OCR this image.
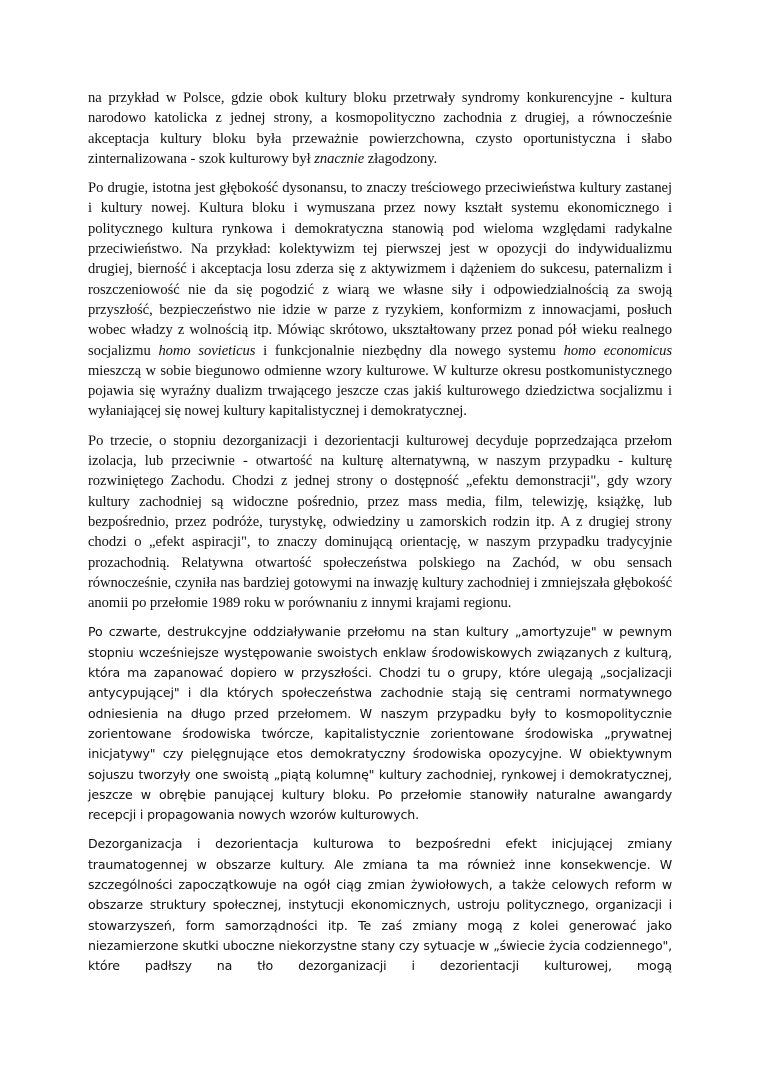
na przykład w Polsce, gdzie obok kultury bloku przetrwały syndromy konkurencyjne - kultura narodowo katolicka z jednej strony, a kosmopolityczno zachodnia z drugiej, a równocześnie akceptacja kultury bloku była przeważnie powierzchowna, czysto oportunistyczna i słabo zinternalizowana - szok kulturowy był znacznie złagodzony.

Po drugie, istotna jest głębokość dysonansu, to znaczy treściowego przeciwieństwa kultury zastanej i kultury nowej. Kultura bloku i wymuszana przez nowy kształt systemu ekonomicznego i politycznego kultura rynkowa i demokratyczna stanowią pod wieloma względami radykalne przeciwieństwo. Na przykład: kolektywizm tej pierwszej jest w opozycji do indywidualizmu drugiej, bierność i akceptacja losu zderza się z aktywizmem i dążeniem do sukcesu, paternalizm i roszczeniowość nie da się pogodzić z wiarą we własne siły i odpowiedzialnością za swoją przyszłość, bezpieczeństwo nie idzie w parze z ryzykiem, konformizm z innowacjami, posłuch wobec władzy z wolnością itp. Mówiąc skrótowo, ukształtowany przez ponad pół wieku realnego socjalizmu homo sovieticus i funkcjonalnie niezbędny dla nowego systemu homo economicus mieszczą w sobie biegunowo odmienne wzory kulturowe. W kulturze okresu postkomunistycznego pojawia się wyraźny dualizm trwającego jeszcze czas jakiś kulturowego dziedzictwa socjalizmu i wyłaniającej się nowej kultury kapitalistycznej i demokratycznej.

Po trzecie, o stopniu dezorganizacji i dezorientacji kulturowej decyduje poprzedzająca przełom izolacja, lub przeciwnie - otwartość na kulturę alternatywną, w naszym przypadku - kulturę rozwiniętego Zachodu. Chodzi z jednej strony o dostępność „efektu demonstracji", gdy wzory kultury zachodniej są widoczne pośrednio, przez mass media, film, telewizję, książkę, lub bezpośrednio, przez podróże, turystykę, odwiedziny u zamorskich rodzin itp. A z drugiej strony chodzi o „efekt aspiracji", to znaczy dominującą orientację, w naszym przypadku tradycyjnie prozachodnią. Relatywna otwartość społeczeństwa polskiego na Zachód, w obu sensach równocześnie, czyniła nas bardziej gotowymi na inwazję kultury zachodniej i zmniejszała głębokość anomii po przełomie 1989 roku w porównaniu z innymi krajami regionu.

Po czwarte, destrukcyjne oddziaływanie przełomu na stan kultury „amortyzuje" w pewnym stopniu wcześniejsze występowanie swoistych enklaw środowiskowych związanych z kulturą, która ma zapanować dopiero w przyszłości. Chodzi tu o grupy, które ulegają „socjalizacji antycypującej" i dla których społeczeństwa zachodnie stają się centrami normatywnego odniesienia na długo przed przełomem. W naszym przypadku były to kosmopolitycznie zorientowane środowiska twórcze, kapitalistycznie zorientowane środowiska „prywatnej inicjatywy" czy pielęgnujące etos demokratyczny środowiska opozycyjne. W obiektywnym sojuszu tworzyły one swoistą „piątą kolumnę" kultury zachodniej, rynkowej i demokratycznej, jeszcze w obrębie panującej kultury bloku. Po przełomie stanowiły naturalne awangardy recepcji i propagowania nowych wzorów kulturowych.

Dezorganizacja i dezorientacja kulturowa to bezpośredni efekt inicjującej zmiany traumatogennej w obszarze kultury. Ale zmiana ta ma również inne konsekwencje. W szczególności zapoczątkowuje na ogół ciąg zmian żywiołowych, a także celowych reform w obszarze struktury społecznej, instytucji ekonomicznych, ustroju politycznego, organizacji i stowarzyszeń, form samorządności itp. Te zaś zmiany mogą z kolei generować jako niezamierzone skutki uboczne niekorzystne stany czy sytuacje w „świecie życia codziennego", które padłszy na tło dezorganizacji i dezorientacji kulturowej, mogą
